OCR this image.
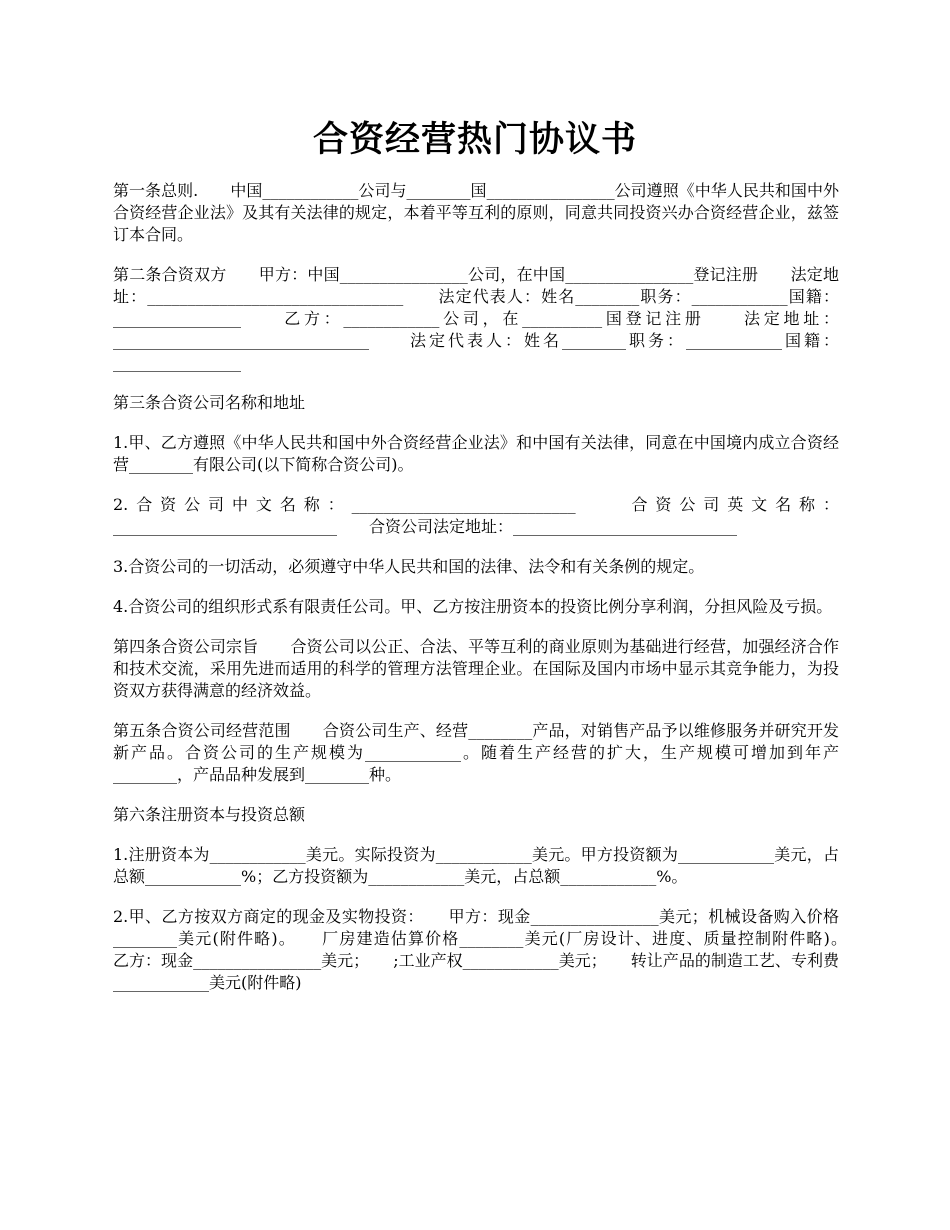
合资经营热门协议书

第一条总则.　　中国____________公司与________国________________公司遵照《中华人民共和国中外合资经营企业法》及其有关法律的规定，本着平等互利的原则，同意共同投资兴办合资经营企业，兹签订本合同。

第二条合资双方　　甲方：中国________________公司，在中国________________登记注册　　法定地址：________________________________　　法定代表人：姓名________职务：____________国籍：________________　　乙方：____________公司，在__________国登记注册　　法定地址：________________________________　　法定代表人：姓名________职务：____________国籍：________________

第三条合资公司名称和地址

1.甲、乙方遵照《中华人民共和国中外合资经营企业法》和中国有关法律，同意在中国境内成立合资经营________有限公司(以下简称合资公司)。

2.合资公司中文名称：____________________________　　合资公司英文名称：____________________________　　合资公司法定地址：____________________________

3.合资公司的一切活动，必须遵守中华人民共和国的法律、法令和有关条例的规定。

4.合资公司的组织形式系有限责任公司。甲、乙方按注册资本的投资比例分享利润，分担风险及亏损。

第四条合资公司宗旨　　合资公司以公正、合法、平等互利的商业原则为基础进行经营，加强经济合作和技术交流，采用先进而适用的科学的管理方法管理企业。在国际及国内市场中显示其竞争能力，为投资双方获得满意的经济效益。

第五条合资公司经营范围　　合资公司生产、经营________产品，对销售产品予以维修服务并研究开发新产品。合资公司的生产规模为____________。随着生产经营的扩大，生产规模可增加到年产________，产品品种发展到________种。

第六条注册资本与投资总额

1.注册资本为____________美元。实际投资为____________美元。甲方投资额为____________美元，占总额____________%；乙方投资额为____________美元，占总额____________%。

2.甲、乙方按双方商定的现金及实物投资：　　甲方：现金________________美元；机械设备购入价格________美元(附件略)。　　厂房建造估算价格________美元(厂房设计、进度、质量控制附件略)。　　乙方：现金________________美元；　　;工业产权____________美元；　　转让产品的制造工艺、专利费____________美元(附件略)
